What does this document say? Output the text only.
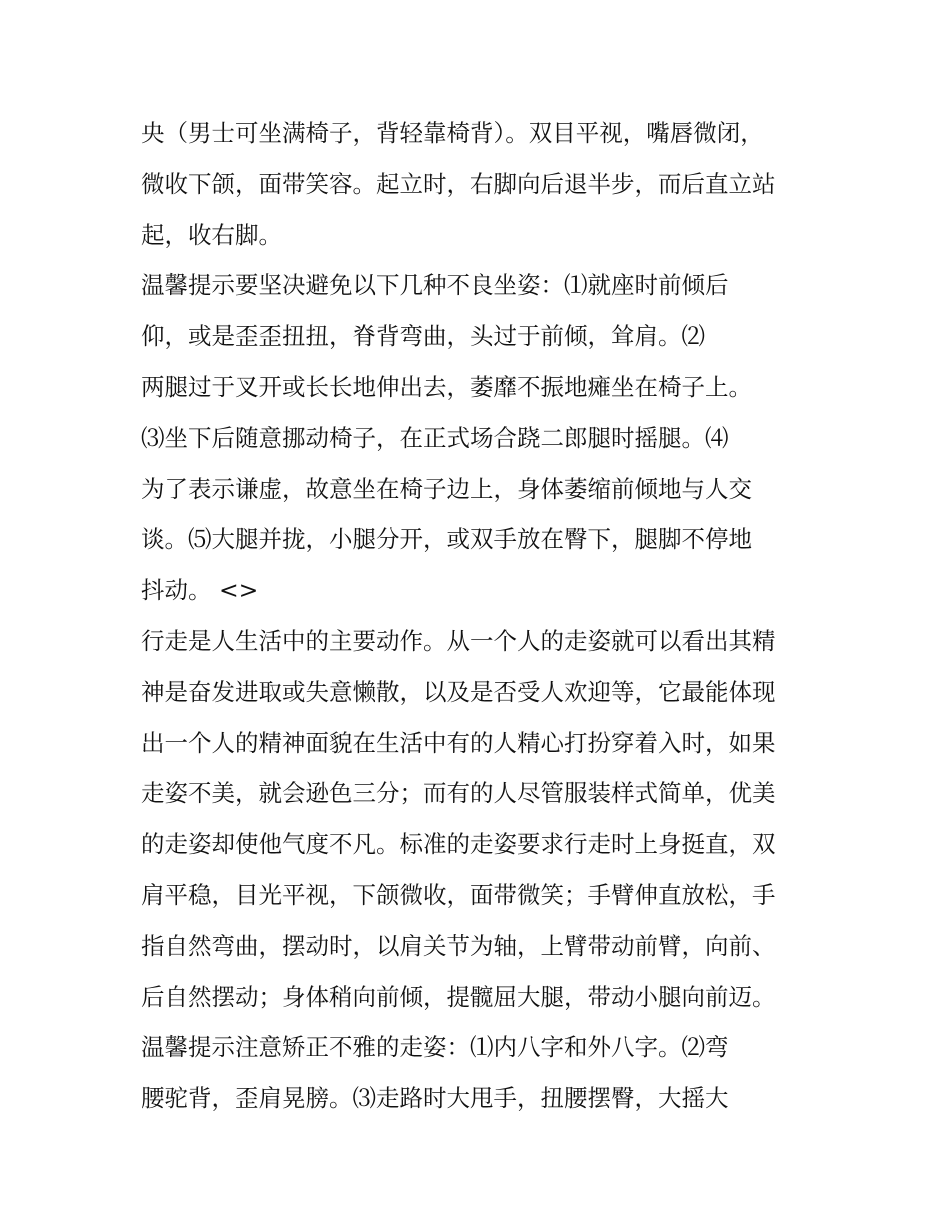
央（男士可坐满椅子，背轻靠椅背）。双目平视，嘴唇微闭，
微收下颌，面带笑容。起立时，右脚向后退半步，而后直立站
起，收右脚。
温馨提示要坚决避免以下几种不良坐姿：⑴就座时前倾后
仰，或是歪歪扭扭，脊背弯曲，头过于前倾，耸肩。⑵
两腿过于叉开或长长地伸出去，萎靡不振地瘫坐在椅子上。
⑶坐下后随意挪动椅子，在正式场合跷二郎腿时摇腿。⑷
为了表示谦虚，故意坐在椅子边上，身体萎缩前倾地与人交
谈。⑸大腿并拢，小腿分开，或双手放在臀下，腿脚不停地
抖动。 <>
行走是人生活中的主要动作。从一个人的走姿就可以看出其精
神是奋发进取或失意懒散，以及是否受人欢迎等，它最能体现
出一个人的精神面貌在生活中有的人精心打扮穿着入时，如果
走姿不美，就会逊色三分；而有的人尽管服装样式简单，优美
的走姿却使他气度不凡。标准的走姿要求行走时上身挺直，双
肩平稳，目光平视，下颌微收，面带微笑；手臂伸直放松，手
指自然弯曲，摆动时，以肩关节为轴，上臂带动前臂，向前、
后自然摆动；身体稍向前倾，提髋屈大腿，带动小腿向前迈。
温馨提示注意矫正不雅的走姿：⑴内八字和外八字。⑵弯
腰驼背，歪肩晃膀。⑶走路时大甩手，扭腰摆臀，大摇大
